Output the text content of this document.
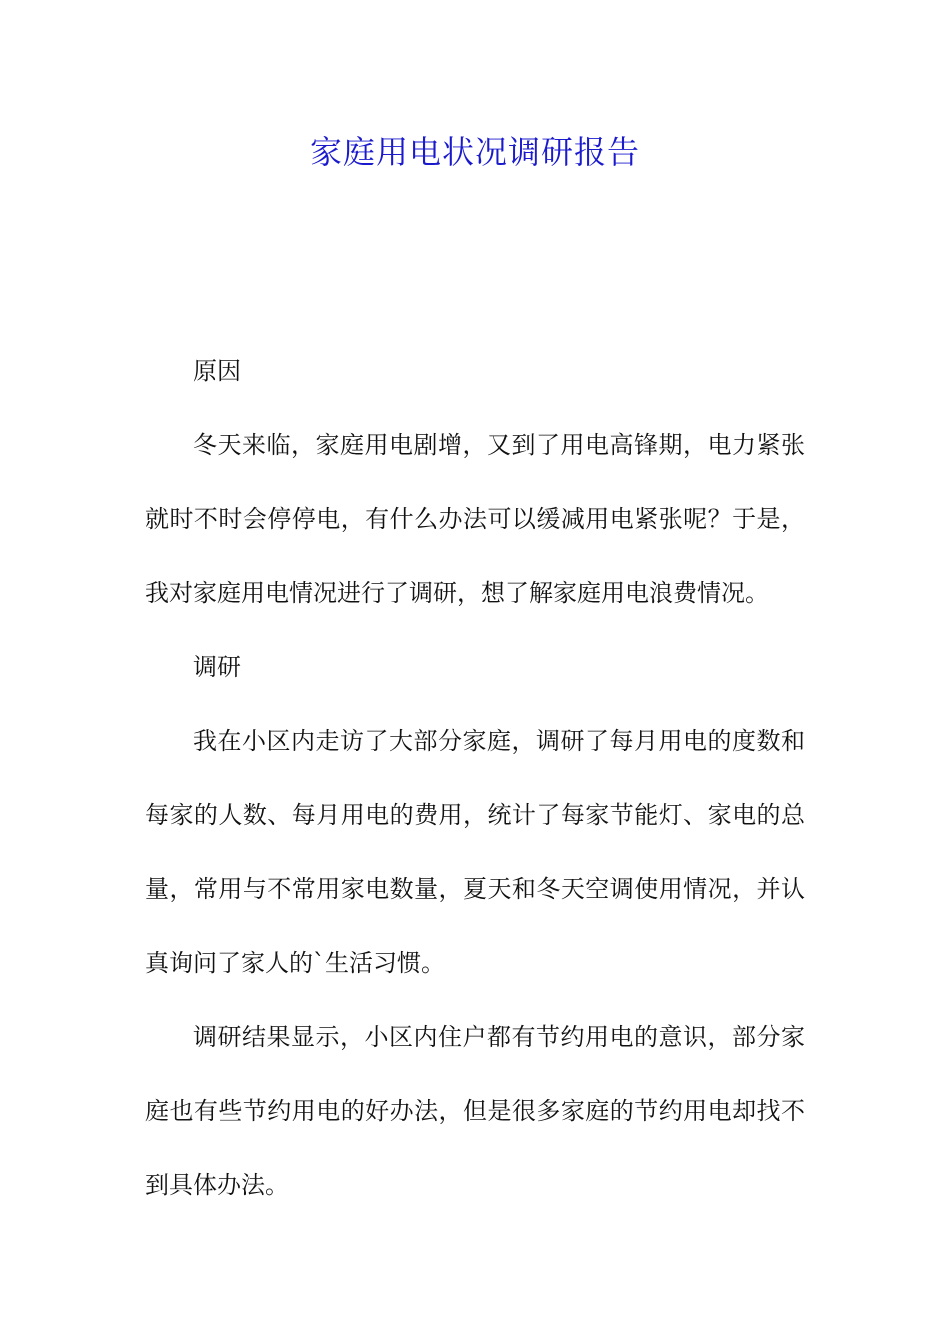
家庭用电状况调研报告

原因

冬天来临，家庭用电剧增，又到了用电高锋期，电力紧张就时不时会停停电，有什么办法可以缓减用电紧张呢？于是，我对家庭用电情况进行了调研，想了解家庭用电浪费情况。

调研

我在小区内走访了大部分家庭，调研了每月用电的度数和每家的人数、每月用电的费用，统计了每家节能灯、家电的总量，常用与不常用家电数量，夏天和冬天空调使用情况，并认真询问了家人的`生活习惯。

调研结果显示，小区内住户都有节约用电的意识，部分家庭也有些节约用电的好办法，但是很多家庭的节约用电却找不到具体办法。
